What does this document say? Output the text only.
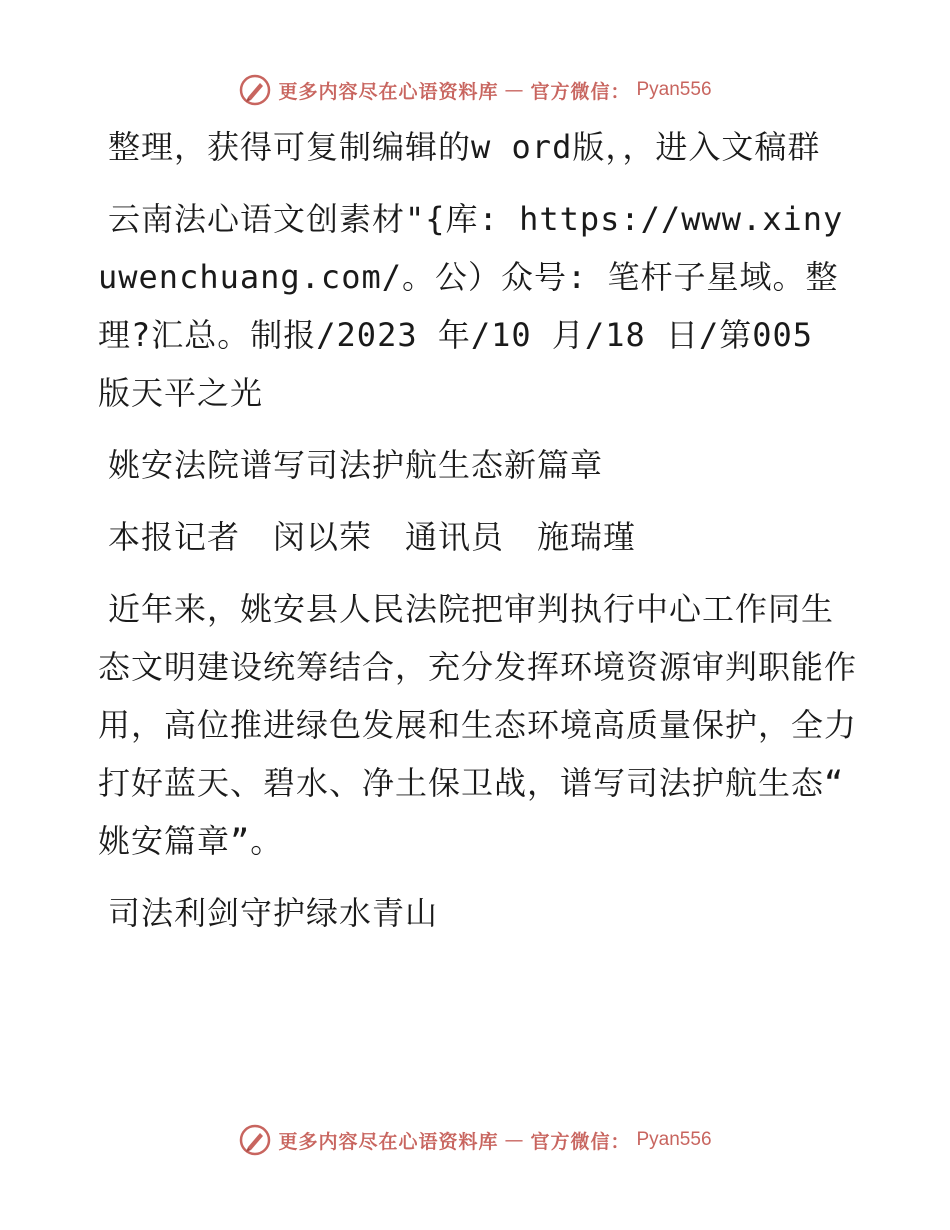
更多内容尽在心语资料库 — 官方微信： Pyan556

整理，获得可复制编辑的w ord版，，进入文稿群

云南法心语文创素材"{库: https://www.xinyuwenchuang.com/。公）众号: 笔杆子星域。整理?汇总。制报/2023 年/10 月/18 日/第005 版天平之光

姚安法院谱写司法护航生态新篇章

本报记者　闵以荣　通讯员　施瑞瑾

近年来，姚安县人民法院把审判执行中心工作同生态文明建设统筹结合，充分发挥环境资源审判职能作用，高位推进绿色发展和生态环境高质量保护，全力打好蓝天、碧水、净土保卫战，谱写司法护航生态“ 姚安篇章”。

司法利剑守护绿水青山

更多内容尽在心语资料库 — 官方微信： Pyan556
